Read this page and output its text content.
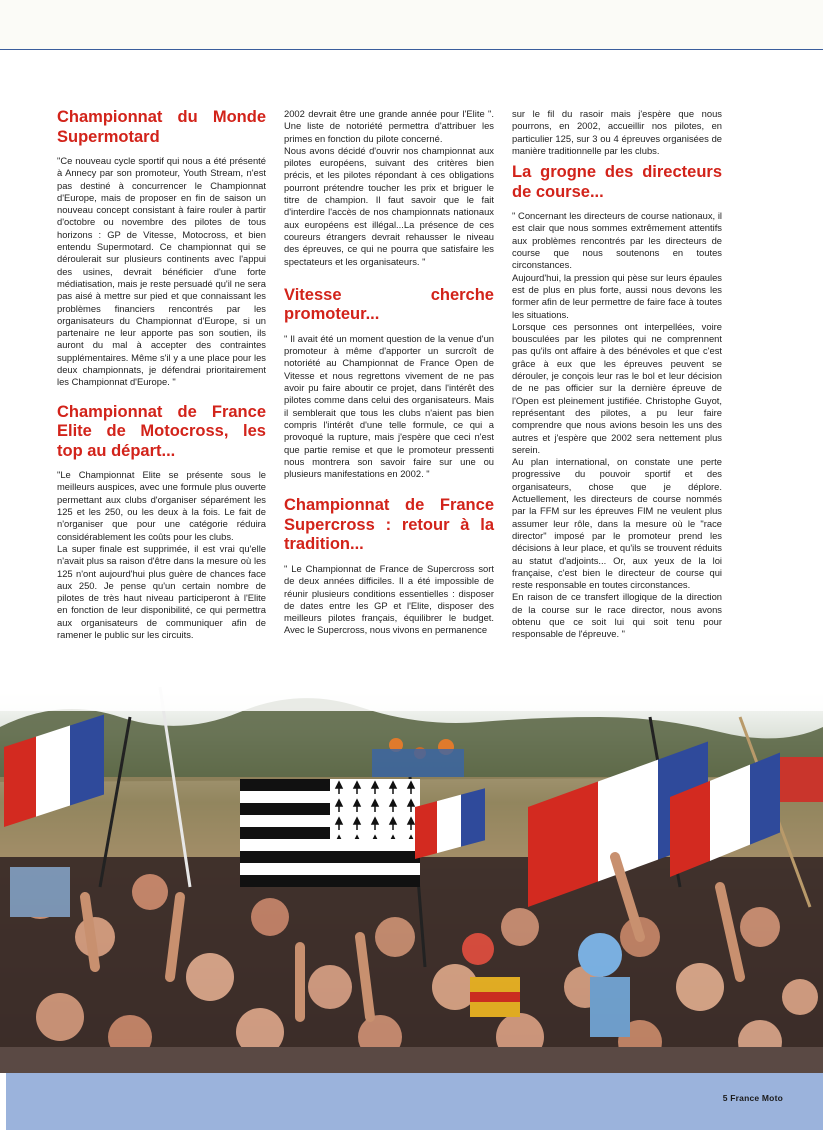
Championnat du Monde Supermotard

"Ce nouveau cycle sportif qui nous a été présenté à Annecy par son promoteur, Youth Stream, n'est pas destiné à concurrencer le Championnat d'Europe, mais de proposer en fin de saison un nouveau concept consistant à faire rouler à partir d'octobre ou novembre des pilotes de tous horizons : GP de Vitesse, Motocross, et bien entendu Supermotard. Ce championnat qui se déroulerait sur plusieurs continents avec l'appui des usines, devrait bénéficier d'une forte médiatisation, mais je reste persuadé qu'il ne sera pas aisé à mettre sur pied et que connaissant les problèmes financiers rencontrés par les organisateurs du Championnat d'Europe, si un partenaire ne leur apporte pas son soutien, ils auront du mal à accepter des contraintes supplémentaires. Même s'il y a une place pour les deux championnats, je défendrai prioritairement les Championnat d'Europe. "

Championnat de France Elite de Motocross, les top au départ...

"Le Championnat Elite se présente sous le meilleurs auspices, avec une formule plus ouverte permettant aux clubs d'organiser séparément les 125 et les 250, ou les deux à la fois. Le fait de n'organiser que pour une catégorie réduira considérablement les coûts pour les clubs.

La super finale est supprimée, il est vrai qu'elle n'avait plus sa raison d'être dans la mesure où les 125 n'ont aujourd'hui plus guère de chances face aux 250. Je pense qu'un certain nombre de pilotes de très haut niveau participeront à l'Elite en fonction de leur disponibilité, ce qui permettra aux organisateurs de communiquer afin de ramener le public sur les circuits.

2002 devrait être une grande année pour l'Elite ". Une liste de notoriété permettra d'attribuer les primes en fonction du pilote concerné.

Nous avons décidé d'ouvrir nos championnat aux pilotes européens, suivant des critères bien précis, et les pilotes répondant à ces obligations pourront prétendre toucher les prix et briguer le titre de champion. Il faut savoir que le fait d'interdire l'accès de nos championnats nationaux aux européens est illégal...La présence de ces coureurs étrangers devrait rehausser le niveau des épreuves, ce qui ne pourra que satisfaire les spectateurs et les organisateurs. "

Vitesse cherche promoteur...

" Il avait été un moment question de la venue d'un promoteur à même d'apporter un surcroît de notoriété au Championnat de France Open de Vitesse et nous regrettons vivement de ne pas avoir pu faire aboutir ce projet, dans l'intérêt des pilotes comme dans celui des organisateurs. Mais il semblerait que tous les clubs n'aient pas bien compris l'intérêt d'une telle formule, ce qui a provoqué la rupture, mais j'espère que ceci n'est que partie remise et que le promoteur pressenti nous montrera son savoir faire sur une ou plusieurs manifestations en 2002. "

Championnat de France Supercross : retour à la tradition...

" Le Championnat de France de Supercross sort de deux années difficiles. Il a été impossible de réunir plusieurs conditions essentielles : disposer de dates entre les GP et l'Elite, disposer des meilleurs pilotes français, équilibrer le budget. Avec le Supercross, nous vivons en permanence

sur le fil du rasoir mais j'espère que nous pourrons, en 2002, accueillir nos pilotes, en particulier 125, sur 3 ou 4 épreuves organisées de manière traditionnelle par les clubs.

La grogne des directeurs de course...

" Concernant les directeurs de course nationaux, il est clair que nous sommes extrêmement attentifs aux problèmes rencontrés par les directeurs de course que nous soutenons en toutes circonstances.

Aujourd'hui, la pression qui pèse sur leurs épaules est de plus en plus forte, aussi nous devons les former afin de leur permettre de faire face à toutes les situations.

Lorsque ces personnes ont interpellées, voire bousculées par les pilotes qui ne comprennent pas qu'ils ont affaire à des bénévoles et que c'est grâce à eux que les épreuves peuvent se dérouler, je conçois leur ras le bol et leur décision de ne pas officier sur la dernière épreuve de l'Open est pleinement justifiée. Christophe Guyot, représentant des pilotes, a pu leur faire comprendre que nous avions besoin les uns des autres et j'espère que 2002 sera nettement plus serein.

Au plan international, on constate une perte progressive du pouvoir sportif et des organisateurs, chose que je déplore. Actuellement, les directeurs de course nommés par la FFM sur les épreuves FIM ne veulent plus assumer leur rôle, dans la mesure où le "race director" imposé par le promoteur prend les décisions à leur place, et qu'ils se trouvent réduits au statut d'adjoints... Or, aux yeux de la loi française, c'est bien le directeur de course qui reste responsable en toutes circonstances.

En raison de ce transfert illogique de la direction de la course sur le race director, nous avons obtenu que ce soit lui qui soit tenu pour responsable de l'épreuve. "

5 France Moto
